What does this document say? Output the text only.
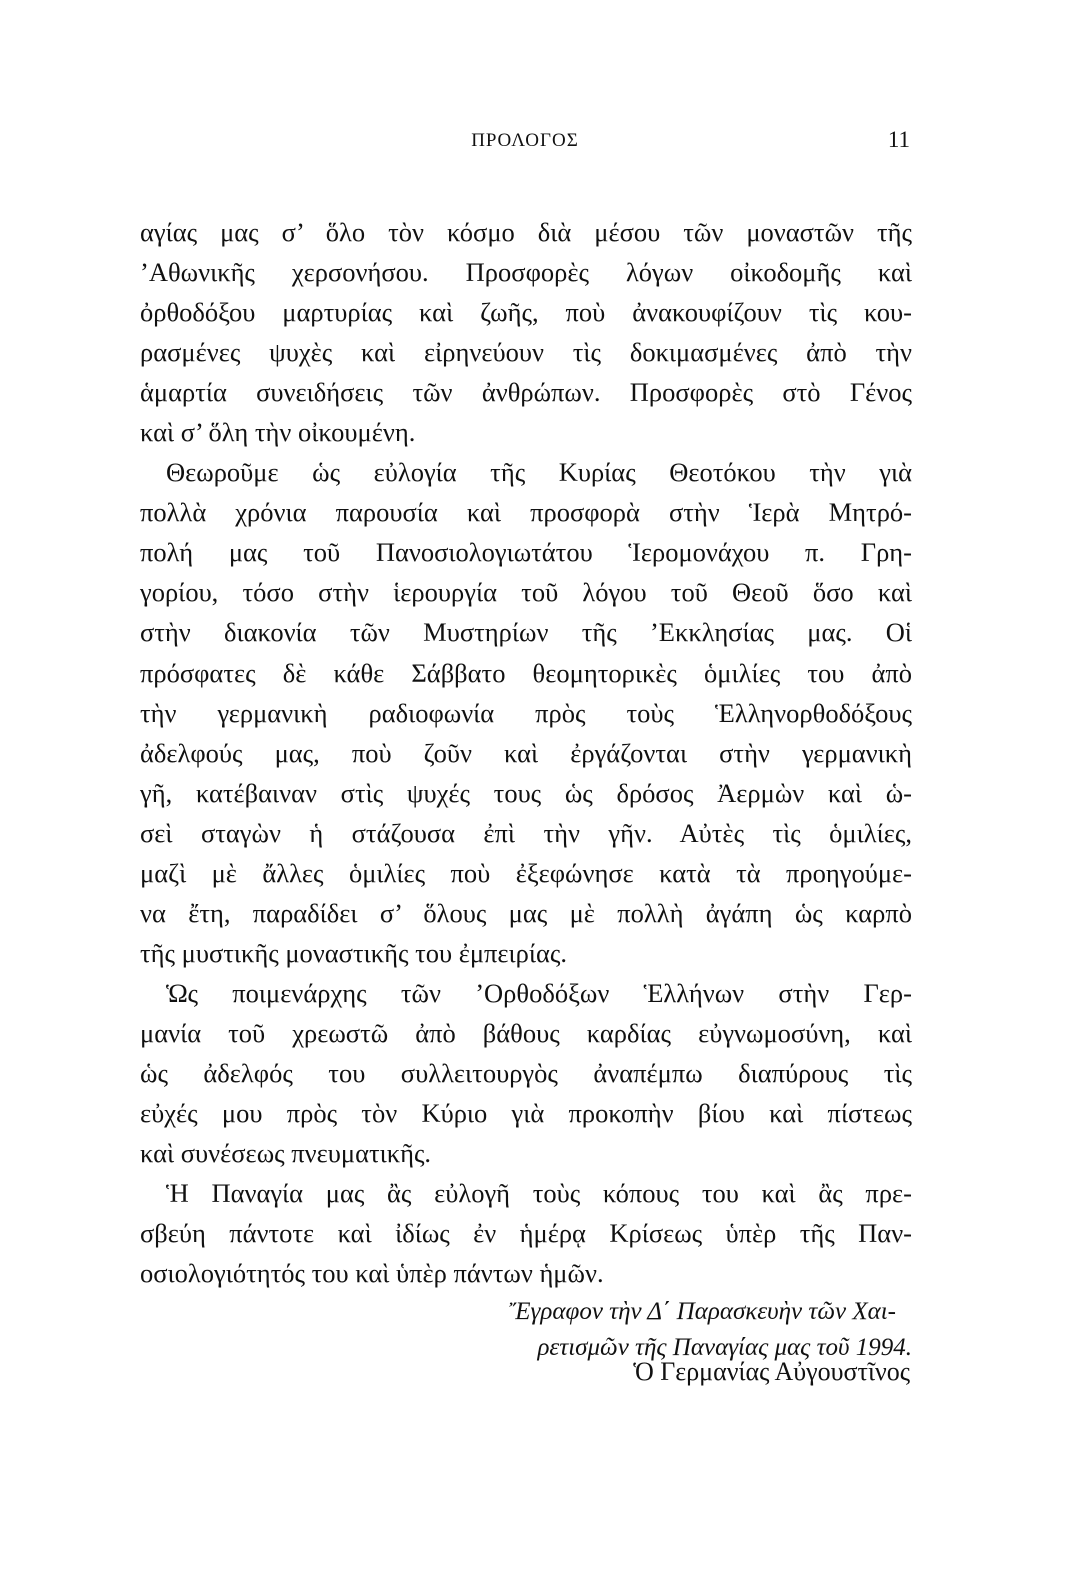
ΠΡΟΛΟΓΟΣ	11
αγίας μας σ’ ὅλο τὸν κόσμο διὰ μέσου τῶν μοναστῶν τῆς
’Αθωνικῆς χερσονήσου. Προσφορὲς λόγων οἰκοδομῆς καὶ
ὀρθοδόξου μαρτυρίας καὶ ζωῆς, ποὺ ἀνακουφίζουν τὶς κου-
ρασμένες ψυχὲς καὶ εἰρηνεύουν τὶς δοκιμασμένες ἀπὸ τὴν
ἁμαρτία συνειδήσεις τῶν ἀνθρώπων. Προσφορὲς στὸ Γένος
καὶ σ’ ὅλη τὴν οἰκουμένη.
Θεωροῦμε ὡς εὐλογία τῆς Κυρίας Θεοτόκου τὴν γιὰ
πολλὰ χρόνια παρουσία καὶ προσφορὰ στὴν Ἱερὰ Μητρό-
πολή μας τοῦ Πανοσιολογιωτάτου Ἱερομονάχου π. Γρη-
γορίου, τόσο στὴν ἱερουργία τοῦ λόγου τοῦ Θεοῦ ὅσο καὶ
στὴν διακονία τῶν Μυστηρίων τῆς ’Εκκλησίας μας. Οἱ
πρόσφατες δὲ κάθε Σάββατο θεομητορικὲς ὁμιλίες του ἀπὸ
τὴν γερμανικὴ ραδιοφωνία πρὸς τοὺς Ἑλληνορθοδόξους
ἀδελφούς μας, ποὺ ζοῦν καὶ ἐργάζονται στὴν γερμανικὴ
γῆ, κατέβαιναν στὶς ψυχές τους ὡς δρόσος Ἀερμὼν καὶ ὡ-
σεὶ σταγὼν ἡ στάζουσα ἐπὶ τὴν γῆν. Αὐτὲς τὶς ὁμιλίες,
μαζὶ μὲ ἄλλες ὁμιλίες ποὺ ἐξεφώνησε κατὰ τὰ προηγούμε-
να ἔτη, παραδίδει σ’ ὅλους μας μὲ πολλὴ ἀγάπη ὡς καρπὸ
τῆς μυστικῆς μοναστικῆς του ἐμπειρίας.
Ὡς ποιμενάρχης τῶν ’Ορθοδόξων Ἑλλήνων στὴν Γερ-
μανία τοῦ χρεωστῶ ἀπὸ βάθους καρδίας εὐγνωμοσύνη, καὶ
ὡς ἀδελφός του συλλειτουργὸς ἀναπέμπω διαπύρους τὶς
εὐχές μου πρὸς τὸν Κύριο γιὰ προκοπὴν βίου καὶ πίστεως
καὶ συνέσεως πνευματικῆς.
Ἡ Παναγία μας ἂς εὐλογῆ τοὺς κόπους του καὶ ἂς πρε-
σβεύη πάντοτε καὶ ἰδίως ἐν ἡμέρᾳ Κρίσεως ὑπὲρ τῆς Παν-
οσιολογιότητός του καὶ ὑπὲρ πάντων ἡμῶν.
Ἔγραφον τὴν Δ΄ Παρασκευὴν τῶν Χαι-
ρετισμῶν τῆς Παναγίας μας τοῦ 1994.
Ὁ Γερμανίας Αὐγουστῖνος
